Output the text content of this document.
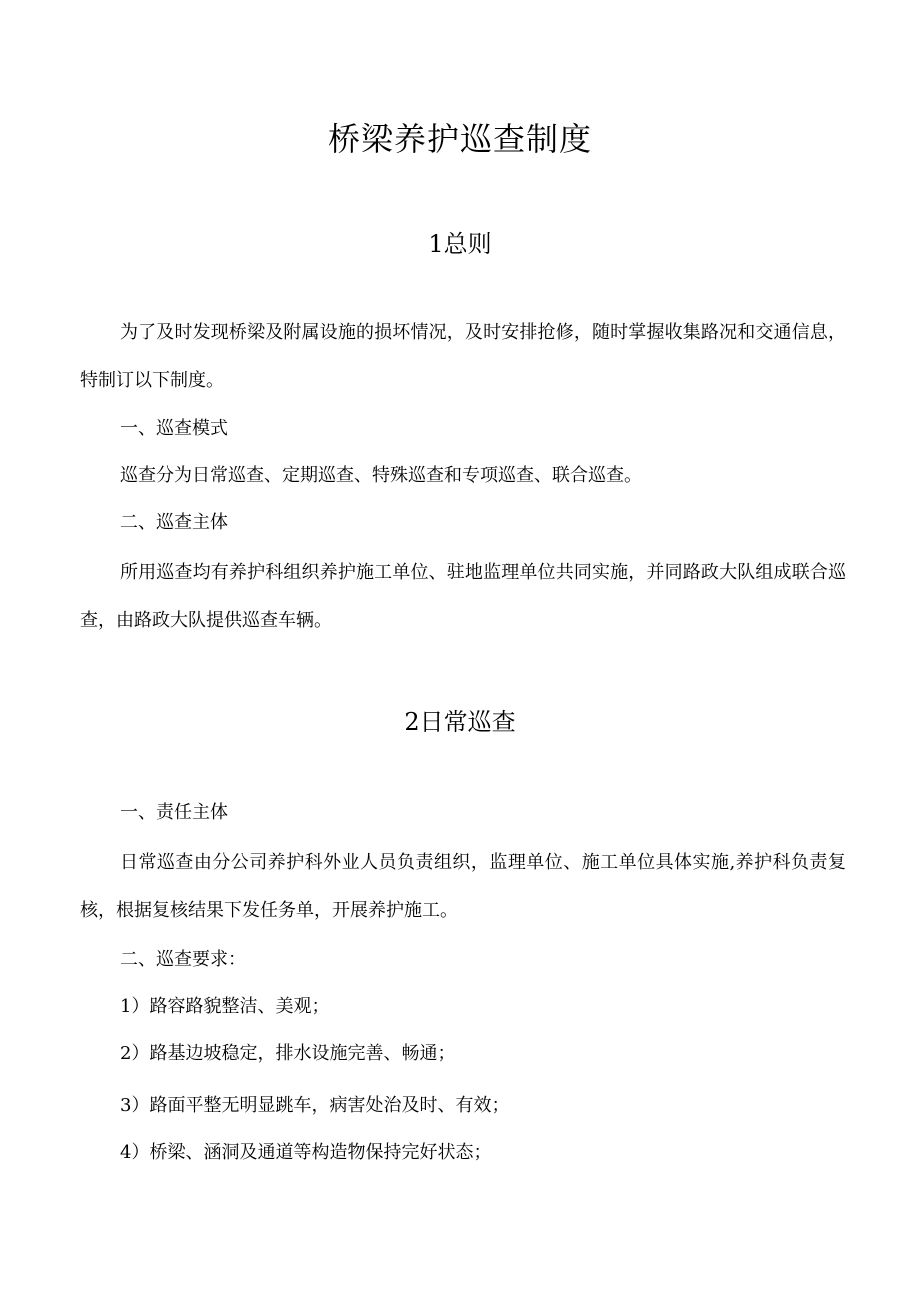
桥梁养护巡查制度
1总则

为了及时发现桥梁及附属设施的损坏情况，及时安排抢修，随时掌握收集路况和交通信息，特制订以下制度。

一、巡查模式
巡查分为日常巡查、定期巡查、特殊巡查和专项巡查、联合巡查。
二、巡查主体

所用巡查均有养护科组织养护施工单位、驻地监理单位共同实施，并同路政大队组成联合巡查，由路政大队提供巡查车辆。

2日常巡查
一、责任主体

日常巡查由分公司养护科外业人员负责组织，监理单位、施工单位具体实施,养护科负责复核，根据复核结果下发任务单，开展养护施工。

二、巡查要求：
1）路容路貌整洁、美观；
2）路基边坡稳定，排水设施完善、畅通；
3）路面平整无明显跳车，病害处治及时、有效；
4）桥梁、涵洞及通道等构造物保持完好状态；
